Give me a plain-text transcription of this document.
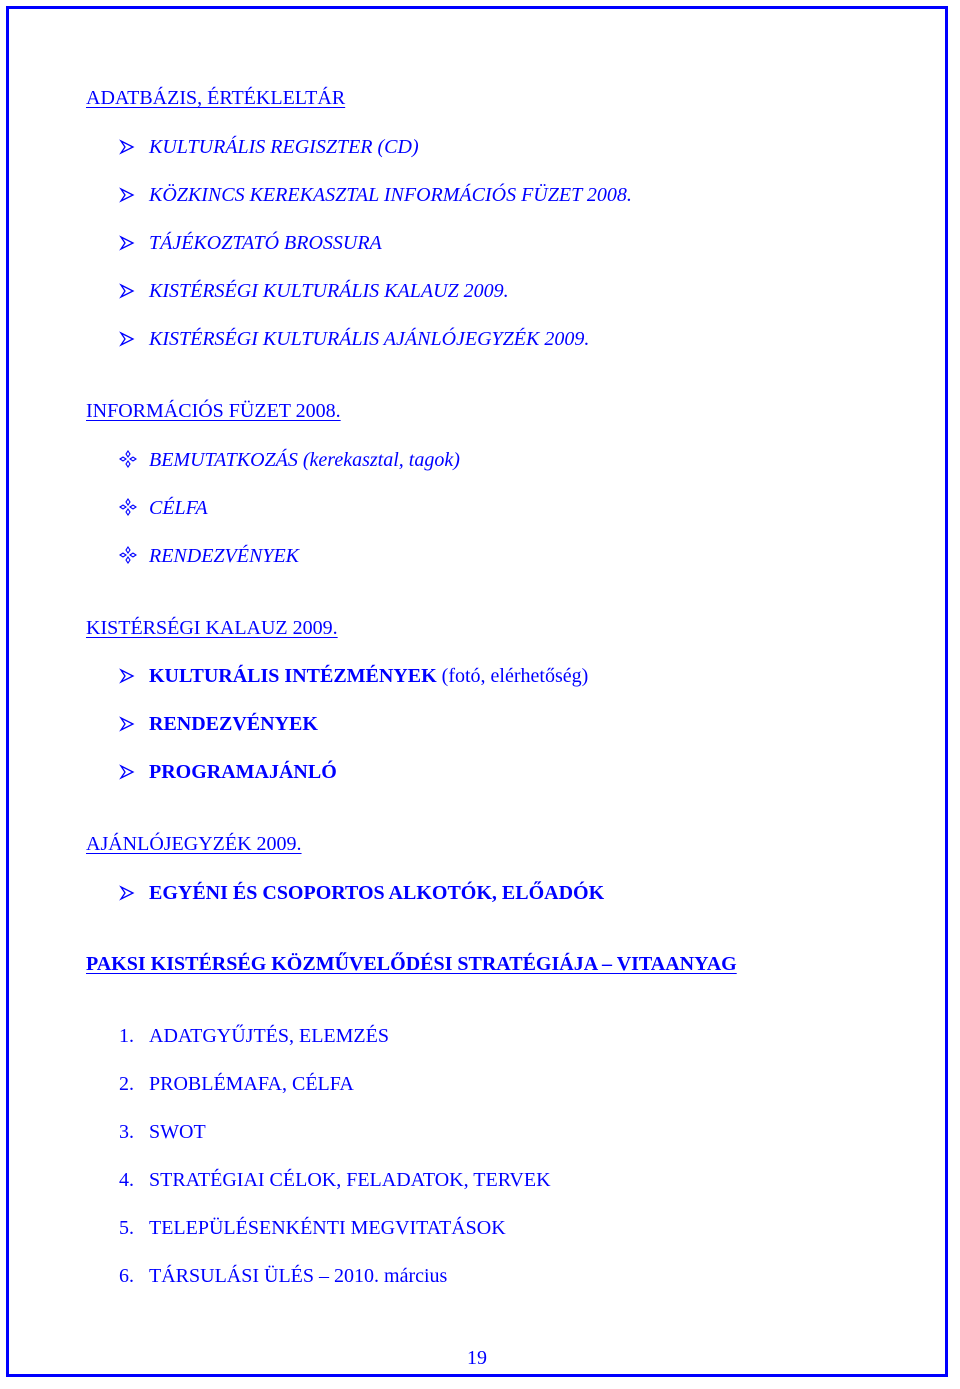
ADATBÁZIS, ÉRTÉKLELTÁR
KULTURÁLIS REGISZTER (CD)
KÖZKINCS KEREKASZTAL INFORMÁCIÓS FÜZET 2008.
TÁJÉKOZTATÓ BROSSURA
KISTÉRSÉGI KULTURÁLIS KALAUZ 2009.
KISTÉRSÉGI KULTURÁLIS AJÁNLÓJEGYZÉK 2009.
INFORMÁCIÓS FÜZET 2008.
BEMUTATKOZÁS (kerekasztal, tagok)
CÉLFA
RENDEZVÉNYEK
KISTÉRSÉGI KALAUZ 2009.
KULTURÁLIS INTÉZMÉNYEK (fotó, elérhetőség)
RENDEZVÉNYEK
PROGRAMAJÁNLÓ
AJÁNLÓJEGYZÉK 2009.
EGYÉNI ÉS CSOPORTOS ALKOTÓK, ELŐADÓK
PAKSI KISTÉRSÉG KÖZMŰVELŐDÉSI STRATÉGIÁJA – VITAANYAG
1. ADATGYŰJTÉS, ELEMZÉS
2. PROBLÉMAFA, CÉLFA
3. SWOT
4. STRATÉGIAI CÉLOK, FELADATOK, TERVEK
5. TELEPÜLÉSENKÉNTI MEGVITATÁSOK
6. TÁRSULÁSI ÜLÉS – 2010. március
19
